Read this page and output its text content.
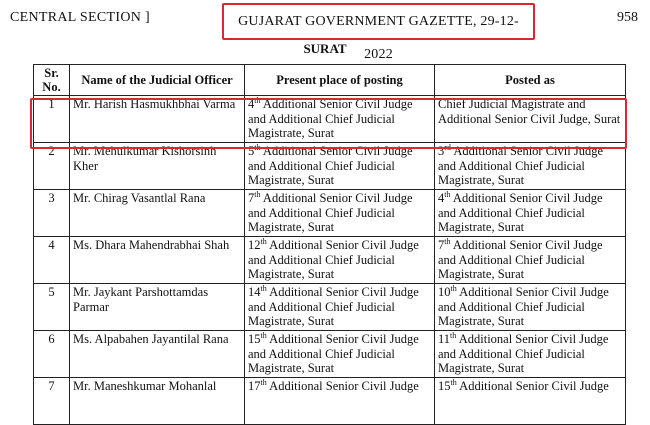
CENTRAL SECTION ]	GUJARAT GOVERNMENT GAZETTE, 29-12-2022
958
SURAT
Sr. No.	Name of the Judicial Officer	Present place of posting	Posted as
1	Mr. Harish Hasmukhbhai Varma	4th Additional Senior Civil Judge and Additional Chief Judicial Magistrate, Surat	Chief Judicial Magistrate and Additional Senior Civil Judge, Surat
2	Mr. Mehulkumar Kishorsinh Kher	5th Additional Senior Civil Judge and Additional Chief Judicial Magistrate, Surat	3rd Additional Senior Civil Judge and Additional Chief Judicial Magistrate, Surat
3	Mr. Chirag Vasantlal Rana	7th Additional Senior Civil Judge and Additional Chief Judicial Magistrate, Surat	4th Additional Senior Civil Judge and Additional Chief Judicial Magistrate, Surat
4	Ms. Dhara Mahendrabhai Shah	12th Additional Senior Civil Judge and Additional Chief Judicial Magistrate, Surat	7th Additional Senior Civil Judge and Additional Chief Judicial Magistrate, Surat
5	Mr. Jaykant Parshottamdas Parmar	14th Additional Senior Civil Judge and Additional Chief Judicial Magistrate, Surat	10th Additional Senior Civil Judge and Additional Chief Judicial Magistrate, Surat
6	Ms. Alpabahen Jayantilal Rana	15th Additional Senior Civil Judge and Additional Chief Judicial Magistrate, Surat	11th Additional Senior Civil Judge and Additional Chief Judicial Magistrate, Surat
7	Mr. Maneshkumar Mohanlal	17th Additional Senior Civil Judge	15th Additional Senior Civil Judge
